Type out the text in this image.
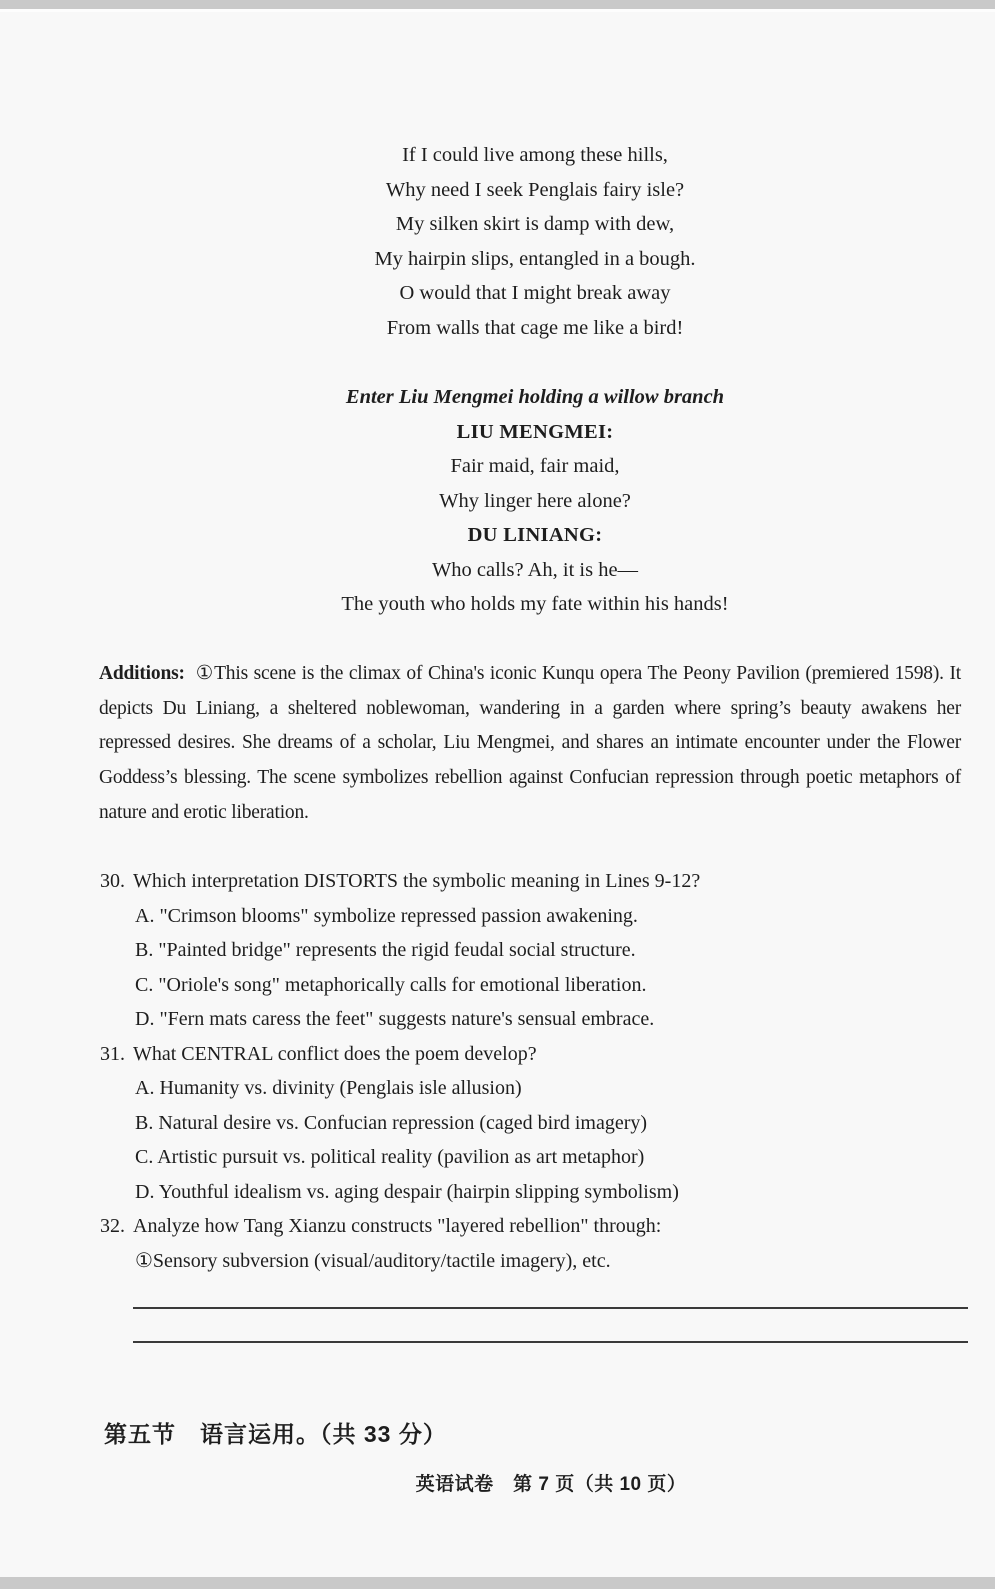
If I could live among these hills,
Why need I seek Penglais fairy isle?
My silken skirt is damp with dew,
My hairpin slips, entangled in a bough.
O would that I might break away
From walls that cage me like a bird!
Enter Liu Mengmei holding a willow branch
LIU MENGMEI:
Fair maid, fair maid,
Why linger here alone?
DU LINIANG:
Who calls? Ah, it is he—
The youth who holds my fate within his hands!

Additions: ①This scene is the climax of China's iconic Kunqu opera The Peony Pavilion (premiered 1598). It depicts Du Liniang, a sheltered noblewoman, wandering in a garden where spring’s beauty awakens her repressed desires. She dreams of a scholar, Liu Mengmei, and shares an intimate encounter under the Flower Goddess’s blessing. The scene symbolizes rebellion against Confucian repression through poetic metaphors of nature and erotic liberation.

30. Which interpretation DISTORTS the symbolic meaning in Lines 9-12?
A. "Crimson blooms" symbolize repressed passion awakening.
B. "Painted bridge" represents the rigid feudal social structure.
C. "Oriole's song" metaphorically calls for emotional liberation.
D. "Fern mats caress the feet" suggests nature's sensual embrace.
31. What CENTRAL conflict does the poem develop?
A. Humanity vs. divinity (Penglais isle allusion)
B. Natural desire vs. Confucian repression (caged bird imagery)
C. Artistic pursuit vs. political reality (pavilion as art metaphor)
D. Youthful idealism vs. aging despair (hairpin slipping symbolism)
32. Analyze how Tang Xianzu constructs "layered rebellion" through:
①Sensory subversion (visual/auditory/tactile imagery), etc.
第五节　语言运用。（共 33 分）
英语试卷　第 7 页（共 10 页）
